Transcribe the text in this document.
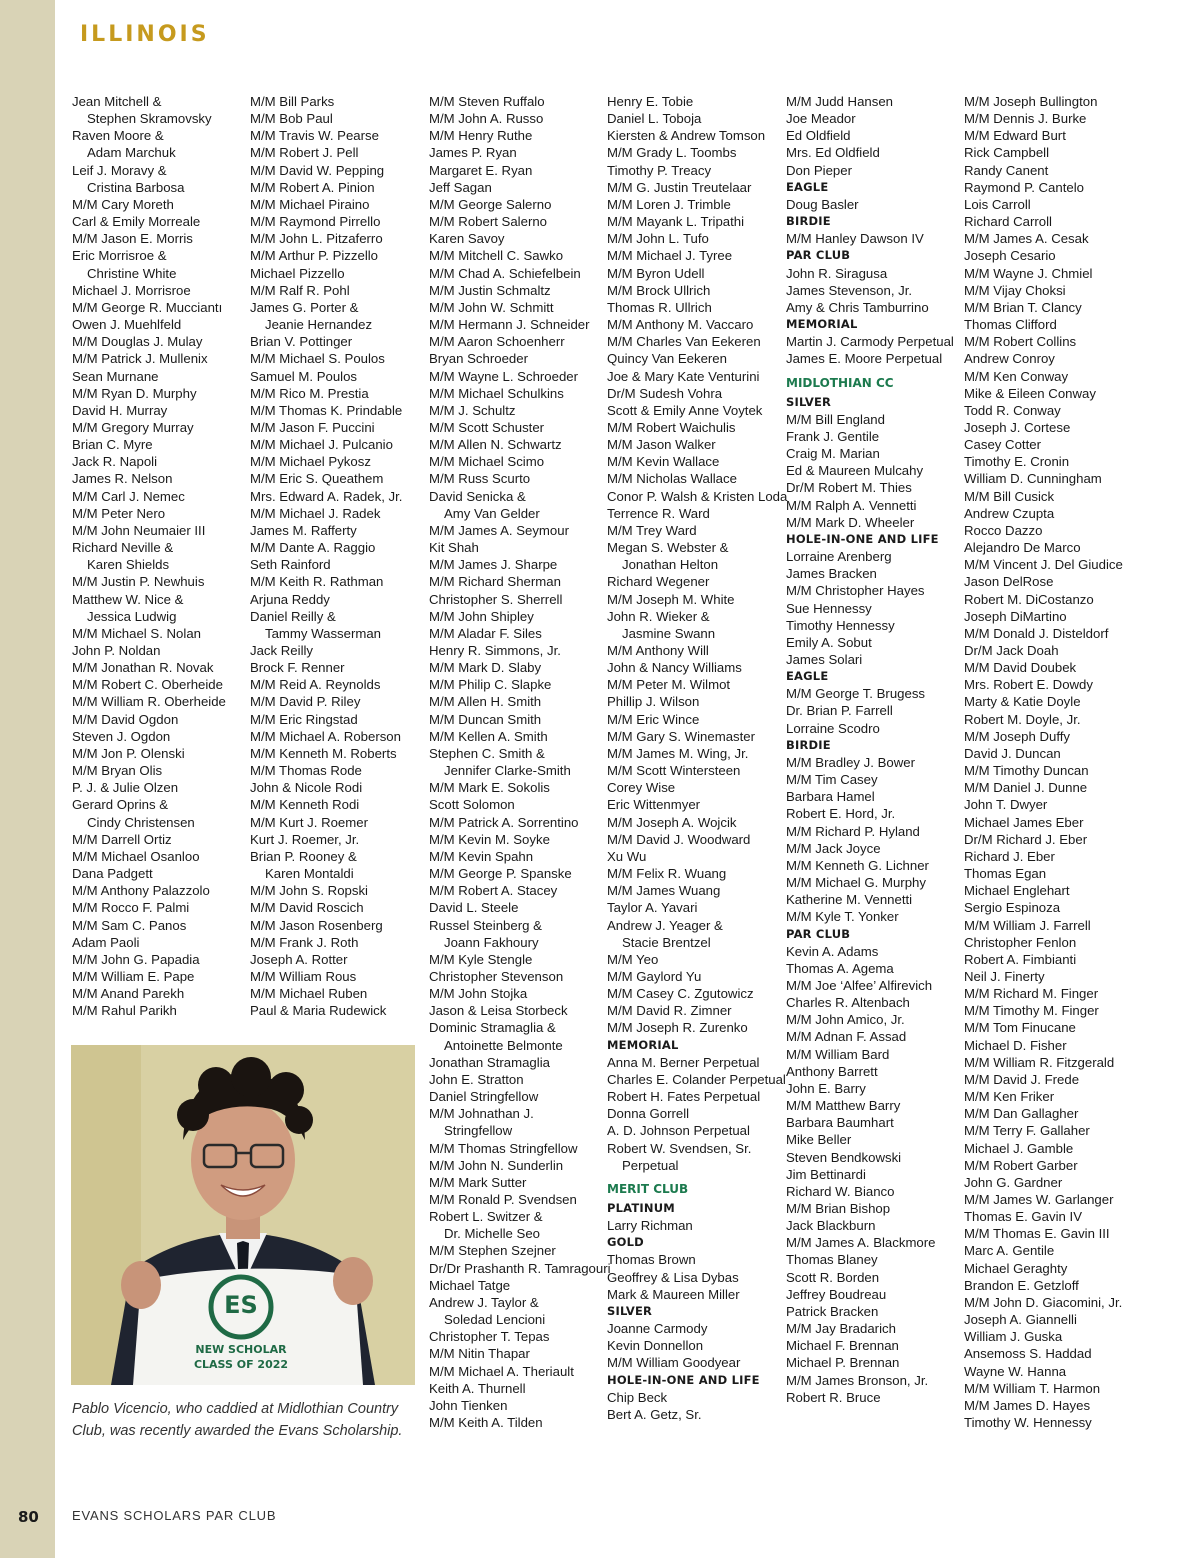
ILLINOIS
Jean Mitchell &
Stephen Skramovsky
Raven Moore &
Adam Marchuk
Leif J. Moravy &
Cristina Barbosa
M/M Cary Moreth
Carl & Emily Morreale
M/M Jason E. Morris
Eric Morrisroe &
Christine White
Michael J. Morrisroe
M/M George R. Mucciantı
Owen J. Muehlfeld
M/M Douglas J. Mulay
M/M Patrick J. Mullenix
Sean Murnane
M/M Ryan D. Murphy
David H. Murray
M/M Gregory Murray
Brian C. Myre
Jack R. Napoli
James R. Nelson
M/M Carl J. Nemec
M/M Peter Nero
M/M John Neumaier III
Richard Neville &
Karen Shields
M/M Justin P. Newhuis
Matthew W. Nice &
Jessica Ludwig
M/M Michael S. Nolan
John P. Noldan
M/M Jonathan R. Novak
M/M Robert C. Oberheide
M/M William R. Oberheide
M/M David Ogdon
Steven J. Ogdon
M/M Jon P. Olenski
M/M Bryan Olis
P. J. & Julie Olzen
Gerard Oprins &
Cindy Christensen
M/M Darrell Ortiz
M/M Michael Osanloo
Dana Padgett
M/M Anthony Palazzolo
M/M Rocco F. Palmi
M/M Sam C. Panos
Adam Paoli
M/M John G. Papadia
M/M William E. Pape
M/M Anand Parekh
M/M Rahul Parikh
M/M Bill Parks
M/M Bob Paul
M/M Travis W. Pearse
M/M Robert J. Pell
M/M David W. Pepping
M/M Robert A. Pinion
M/M Michael Piraino
M/M Raymond Pirrello
M/M John L. Pitzaferro
M/M Arthur P. Pizzello
Michael Pizzello
M/M Ralf R. Pohl
James G. Porter &
Jeanie Hernandez
Brian V. Pottinger
M/M Michael S. Poulos
Samuel M. Poulos
M/M Rico M. Prestia
M/M Thomas K. Prindable
M/M Jason F. Puccini
M/M Michael J. Pulcanio
M/M Michael Pykosz
M/M Eric S. Queathem
Mrs. Edward A. Radek, Jr.
M/M Michael J. Radek
James M. Rafferty
M/M Dante A. Raggio
Seth Rainford
M/M Keith R. Rathman
Arjuna Reddy
Daniel Reilly &
Tammy Wasserman
Jack Reilly
Brock F. Renner
M/M Reid A. Reynolds
M/M David P. Riley
M/M Eric Ringstad
M/M Michael A. Roberson
M/M Kenneth M. Roberts
M/M Thomas Rode
John & Nicole Rodi
M/M Kenneth Rodi
M/M Kurt J. Roemer
Kurt J. Roemer, Jr.
Brian P. Rooney &
Karen Montaldi
M/M John S. Ropski
M/M David Roscich
M/M Jason Rosenberg
M/M Frank J. Roth
Joseph A. Rotter
M/M William Rous
M/M Michael Ruben
Paul & Maria Rudewick
M/M Steven Ruffalo
M/M John A. Russo
M/M Henry Ruthe
James P. Ryan
Margaret E. Ryan
Jeff Sagan
M/M George Salerno
M/M Robert Salerno
Karen Savoy
M/M Mitchell C. Sawko
M/M Chad A. Schiefelbein
M/M Justin Schmaltz
M/M John W. Schmitt
M/M Hermann J. Schneider
M/M Aaron Schoenherr
Bryan Schroeder
M/M Wayne L. Schroeder
M/M Michael Schulkins
M/M J. Schultz
M/M Scott Schuster
M/M Allen N. Schwartz
M/M Michael Scimo
M/M Russ Scurto
David Senicka &
Amy Van Gelder
M/M James A. Seymour
Kit Shah
M/M James J. Sharpe
M/M Richard Sherman
Christopher S. Sherrell
M/M John Shipley
M/M Aladar F. Siles
Henry R. Simmons, Jr.
M/M Mark D. Slaby
M/M Philip C. Slapke
M/M Allen H. Smith
M/M Duncan Smith
M/M Kellen A. Smith
Stephen C. Smith &
Jennifer Clarke-Smith
M/M Mark E. Sokolis
Scott Solomon
M/M Patrick A. Sorrentino
M/M Kevin M. Soyke
M/M Kevin Spahn
M/M George P. Spanske
M/M Robert A. Stacey
David L. Steele
Russel Steinberg &
Joann Fakhoury
M/M Kyle Stengle
Christopher Stevenson
M/M John Stojka
Jason & Leisa Storbeck
Dominic Stramaglia &
Antoinette Belmonte
Jonathan Stramaglia
John E. Stratton
Daniel Stringfellow
M/M Johnathan J.
Stringfellow
M/M Thomas Stringfellow
M/M John N. Sunderlin
M/M Mark Sutter
M/M Ronald P. Svendsen
Robert L. Switzer &
Dr. Michelle Seo
M/M Stephen Szejner
Dr/Dr Prashanth R. Tamragouri
Michael Tatge
Andrew J. Taylor &
Soledad Lencioni
Christopher T. Tepas
M/M Nitin Thapar
M/M Michael A. Theriault
Keith A. Thurnell
John Tienken
M/M Keith A. Tilden
Henry E. Tobie
Daniel L. Toboja
Kiersten & Andrew Tomson
M/M Grady L. Toombs
Timothy P. Treacy
M/M G. Justin Treutelaar
M/M Loren J. Trimble
M/M Mayank L. Tripathi
M/M John L. Tufo
M/M Michael J. Tyree
M/M Byron Udell
M/M Brock Ullrich
Thomas R. Ullrich
M/M Anthony M. Vaccaro
M/M Charles Van Eekeren
Quincy Van Eekeren
Joe & Mary Kate Venturini
Dr/M Sudesh Vohra
Scott & Emily Anne Voytek
M/M Robert Waichulis
M/M Jason Walker
M/M Kevin Wallace
M/M Nicholas Wallace
Conor P. Walsh & Kristen Loda
Terrence R. Ward
M/M Trey Ward
Megan S. Webster &
Jonathan Helton
Richard Wegener
M/M Joseph M. White
John R. Wieker &
Jasmine Swann
M/M Anthony Will
John & Nancy Williams
M/M Peter M. Wilmot
Phillip J. Wilson
M/M Eric Wince
M/M Gary S. Winemaster
M/M James M. Wing, Jr.
M/M Scott Wintersteen
Corey Wise
Eric Wittenmyer
M/M Joseph A. Wojcik
M/M David J. Woodward
Xu Wu
M/M Felix R. Wuang
M/M James Wuang
Taylor A. Yavari
Andrew J. Yeager &
Stacie Brentzel
M/M Yeo
M/M Gaylord Yu
M/M Casey C. Zgutowicz
M/M David R. Zimner
M/M Joseph R. Zurenko
MEMORIAL
Anna M. Berner Perpetual
Charles E. Colander Perpetual
Robert H. Fates Perpetual
Donna Gorrell
A. D. Johnson Perpetual
Robert W. Svendsen, Sr.
Perpetual
MERIT CLUB
PLATINUM
Larry Richman
GOLD
Thomas Brown
Geoffrey & Lisa Dybas
Mark & Maureen Miller
SILVER
Joanne Carmody
Kevin Donnellon
M/M William Goodyear
HOLE-IN-ONE AND LIFE
Chip Beck
Bert A. Getz, Sr.
M/M Judd Hansen
Joe Meador
Ed Oldfield
Mrs. Ed Oldfield
Don Pieper
EAGLE
Doug Basler
BIRDIE
M/M Hanley Dawson IV
PAR CLUB
John R. Siragusa
James Stevenson, Jr.
Amy & Chris Tamburrino
MEMORIAL
Martin J. Carmody Perpetual
James E. Moore Perpetual
MIDLOTHIAN CC
SILVER
M/M Bill England
Frank J. Gentile
Craig M. Marian
Ed & Maureen Mulcahy
Dr/M Robert M. Thies
M/M Ralph A. Vennetti
M/M Mark D. Wheeler
HOLE-IN-ONE AND LIFE
Lorraine Arenberg
James Bracken
M/M Christopher Hayes
Sue Hennessy
Timothy Hennessy
Emily A. Sobut
James Solari
EAGLE
M/M George T. Brugess
Dr. Brian P. Farrell
Lorraine Scodro
BIRDIE
M/M Bradley J. Bower
M/M Tim Casey
Barbara Hamel
Robert E. Hord, Jr.
M/M Richard P. Hyland
M/M Jack Joyce
M/M Kenneth G. Lichner
M/M Michael G. Murphy
Katherine M. Vennetti
M/M Kyle T. Yonker
PAR CLUB
Kevin A. Adams
Thomas A. Agema
M/M Joe ‘Alfee’ Alfirevich
Charles R. Altenbach
M/M John Amico, Jr.
M/M Adnan F. Assad
M/M William Bard
Anthony Barrett
John E. Barry
M/M Matthew Barry
Barbara Baumhart
Mike Beller
Steven Bendkowski
Jim Bettinardi
Richard W. Bianco
M/M Brian Bishop
Jack Blackburn
M/M James A. Blackmore
Thomas Blaney
Scott R. Borden
Jeffrey Boudreau
Patrick Bracken
M/M Jay Bradarich
Michael F. Brennan
Michael P. Brennan
M/M James Bronson, Jr.
Robert R. Bruce
M/M Joseph Bullington
M/M Dennis J. Burke
M/M Edward Burt
Rick Campbell
Randy Canent
Raymond P. Cantelo
Lois Carroll
Richard Carroll
M/M James A. Cesak
Joseph Cesario
M/M Wayne J. Chmiel
M/M Vijay Choksi
M/M Brian T. Clancy
Thomas Clifford
M/M Robert Collins
Andrew Conroy
M/M Ken Conway
Mike & Eileen Conway
Todd R. Conway
Joseph J. Cortese
Casey Cotter
Timothy E. Cronin
William D. Cunningham
M/M Bill Cusick
Andrew Czupta
Rocco Dazzo
Alejandro De Marco
M/M Vincent J. Del Giudice
Jason DelRose
Robert M. DiCostanzo
Joseph DiMartino
M/M Donald J. Disteldorf
Dr/M Jack Doah
M/M David Doubek
Mrs. Robert E. Dowdy
Marty & Katie Doyle
Robert M. Doyle, Jr.
M/M Joseph Duffy
David J. Duncan
M/M Timothy Duncan
M/M Daniel J. Dunne
John T. Dwyer
Michael James Eber
Dr/M Richard J. Eber
Richard J. Eber
Thomas Egan
Michael Englehart
Sergio Espinoza
M/M William J. Farrell
Christopher Fenlon
Robert A. Fimbianti
Neil J. Finerty
M/M Richard M. Finger
M/M Timothy M. Finger
M/M Tom Finucane
Michael D. Fisher
M/M William R. Fitzgerald
M/M David J. Frede
M/M Ken Friker
M/M Dan Gallagher
M/M Terry F. Gallaher
Michael J. Gamble
M/M Robert Garber
John G. Gardner
M/M James W. Garlanger
Thomas E. Gavin IV
M/M Thomas E. Gavin III
Marc A. Gentile
Michael Geraghty
Brandon E. Getzloff
M/M John D. Giacomini, Jr.
Joseph A. Giannelli
William J. Guska
Ansemoss S. Haddad
Wayne W. Hanna
M/M William T. Harmon
M/M James D. Hayes
Timothy W. Hennessy
ES
NEW SCHOLAR
CLASS OF 2022
Pablo Vicencio, who caddied at Midlothian Country Club, was recently awarded the Evans Scholarship.
80	EVANS SCHOLARS PAR CLUB
